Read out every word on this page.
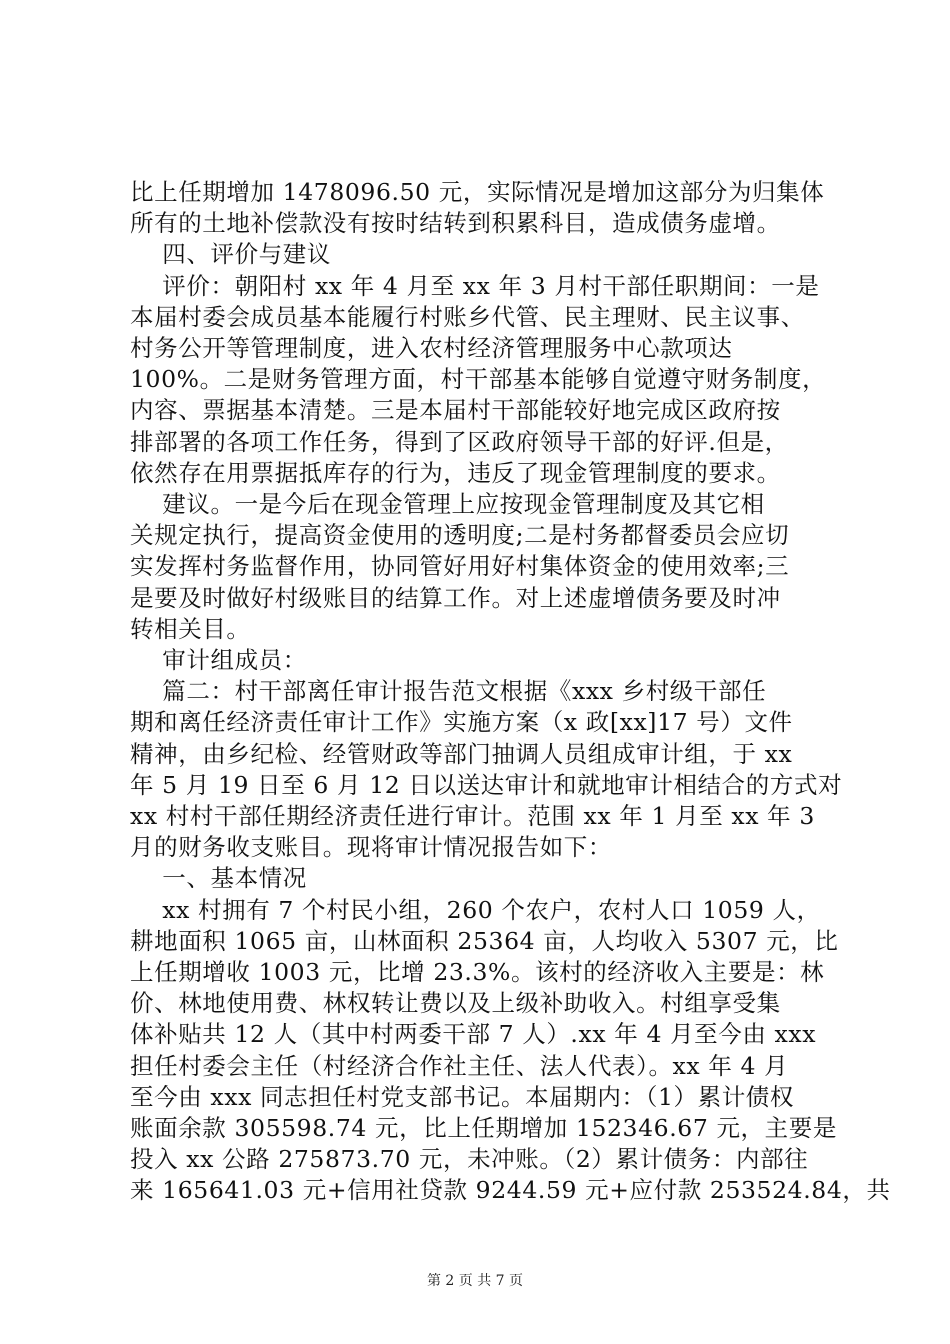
比上任期增加 1478096.50 元，实际情况是增加这部分为归集体
所有的土地补偿款没有按时结转到积累科目，造成债务虚增。
四、评价与建议
评价：朝阳村 xx 年 4 月至 xx 年 3 月村干部任职期间：一是
本届村委会成员基本能履行村账乡代管、民主理财、民主议事、
村务公开等管理制度，进入农村经济管理服务中心款项达
100%。二是财务管理方面，村干部基本能够自觉遵守财务制度，
内容、票据基本清楚。三是本届村干部能较好地完成区政府按
排部署的各项工作任务，得到了区政府领导干部的好评.但是，
依然存在用票据抵库存的行为，违反了现金管理制度的要求。
建议。一是今后在现金管理上应按现金管理制度及其它相
关规定执行，提高资金使用的透明度;二是村务都督委员会应切
实发挥村务监督作用，协同管好用好村集体资金的使用效率;三
是要及时做好村级账目的结算工作。对上述虚增债务要及时冲
转相关目。
审计组成员：
篇二：村干部离任审计报告范文根据《xxx 乡村级干部任
期和离任经济责任审计工作》实施方案（x 政[xx]17 号）文件
精神，由乡纪检、经管财政等部门抽调人员组成审计组，于 xx
年 5 月 19 日至 6 月 12 日以送达审计和就地审计相结合的方式对
xx 村村干部任期经济责任进行审计。范围 xx 年 1 月至 xx 年 3
月的财务收支账目。现将审计情况报告如下：
一、基本情况
xx 村拥有 7 个村民小组，260 个农户，农村人口 1059 人，
耕地面积 1065 亩，山林面积 25364 亩，人均收入 5307 元，比
上任期增收 1003 元，比增 23.3%。该村的经济收入主要是：林
价、林地使用费、林权转让费以及上级补助收入。村组享受集
体补贴共 12 人（其中村两委干部 7 人）.xx 年 4 月至今由 xxx
担任村委会主任（村经济合作社主任、法人代表）。xx 年 4 月
至今由 xxx 同志担任村党支部书记。本届期内：（1）累计债权
账面余款 305598.74 元，比上任期增加 152346.67 元，主要是
投入 xx 公路 275873.70 元，未冲账。（2）累计债务：内部往
来 165641.03 元+信用社贷款 9244.59 元+应付款 253524.84，共
第 2 页 共 7 页
